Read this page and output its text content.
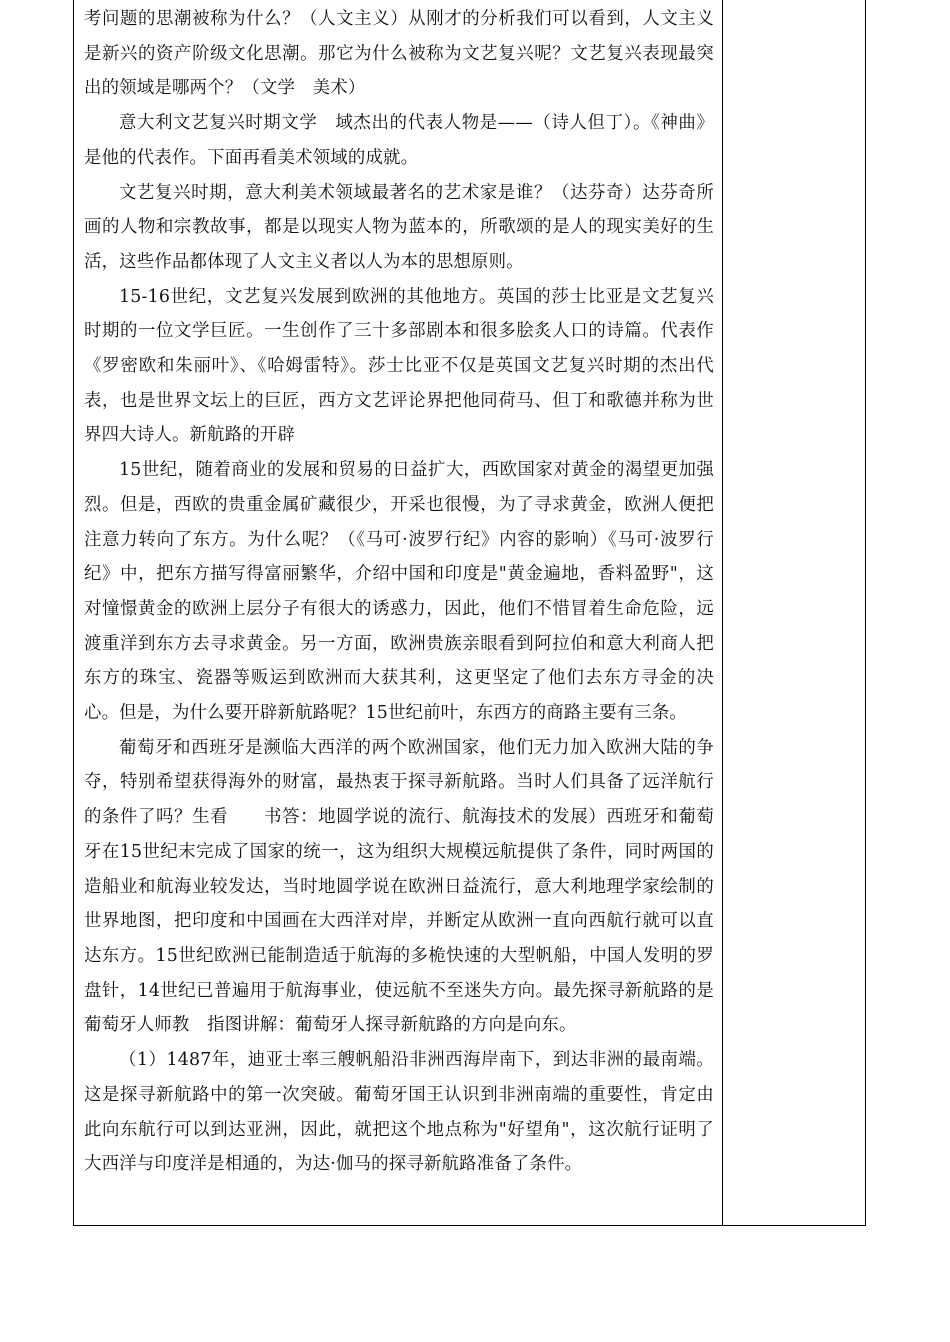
考问题的思潮被称为什么？（人文主义）从刚才的分析我们可以看到，人文主义是新兴的资产阶级文化思潮。那它为什么被称为文艺复兴呢？文艺复兴表现最突出的领域是哪两个？（文学　美术）

意大利文艺复兴时期文学　域杰出的代表人物是——（诗人但丁）。《神曲》是他的代表作。下面再看美术领域的成就。

文艺复兴时期，意大利美术领域最著名的艺术家是谁？（达芬奇）达芬奇所画的人物和宗教故事，都是以现实人物为蓝本的，所歌颂的是人的现实美好的生活，这些作品都体现了人文主义者以人为本的思想原则。

15-16世纪，文艺复兴发展到欧洲的其他地方。英国的莎士比亚是文艺复兴时期的一位文学巨匠。一生创作了三十多部剧本和很多脍炙人口的诗篇。代表作《罗密欧和朱丽叶》、《哈姆雷特》。莎士比亚不仅是英国文艺复兴时期的杰出代表，也是世界文坛上的巨匠，西方文艺评论界把他同荷马、但丁和歌德并称为世界四大诗人。新航路的开辟

15世纪，随着商业的发展和贸易的日益扩大，西欧国家对黄金的渴望更加强烈。但是，西欧的贵重金属矿藏很少，开采也很慢，为了寻求黄金，欧洲人便把注意力转向了东方。为什么呢？（《马可·波罗行纪》内容的影响）《马可·波罗行纪》中，把东方描写得富丽繁华，介绍中国和印度是"黄金遍地，香料盈野"，这对憧憬黄金的欧洲上层分子有很大的诱惑力，因此，他们不惜冒着生命危险，远渡重洋到东方去寻求黄金。另一方面，欧洲贵族亲眼看到阿拉伯和意大利商人把东方的珠宝、瓷器等贩运到欧洲而大获其利，这更坚定了他们去东方寻金的决心。但是，为什么要开辟新航路呢？15世纪前叶，东西方的商路主要有三条。

葡萄牙和西班牙是濒临大西洋的两个欧洲国家，他们无力加入欧洲大陆的争夺，特别希望获得海外的财富，最热衷于探寻新航路。当时人们具备了远洋航行的条件了吗？生看　　书答：地圆学说的流行、航海技术的发展）西班牙和葡萄牙在15世纪末完成了国家的统一，这为组织大规模远航提供了条件，同时两国的造船业和航海业较发达，当时地圆学说在欧洲日益流行，意大利地理学家绘制的世界地图，把印度和中国画在大西洋对岸，并断定从欧洲一直向西航行就可以直达东方。15世纪欧洲已能制造适于航海的多桅快速的大型帆船，中国人发明的罗盘针，14世纪已普遍用于航海事业，使远航不至迷失方向。最先探寻新航路的是葡萄牙人师教　指图讲解：葡萄牙人探寻新航路的方向是向东。

（1）1487年，迪亚士率三艘帆船沿非洲西海岸南下，到达非洲的最南端。这是探寻新航路中的第一次突破。葡萄牙国王认识到非洲南端的重要性，肯定由此向东航行可以到达亚洲，因此，就把这个地点称为"好望角"，这次航行证明了大西洋与印度洋是相通的，为达·伽马的探寻新航路准备了条件。
